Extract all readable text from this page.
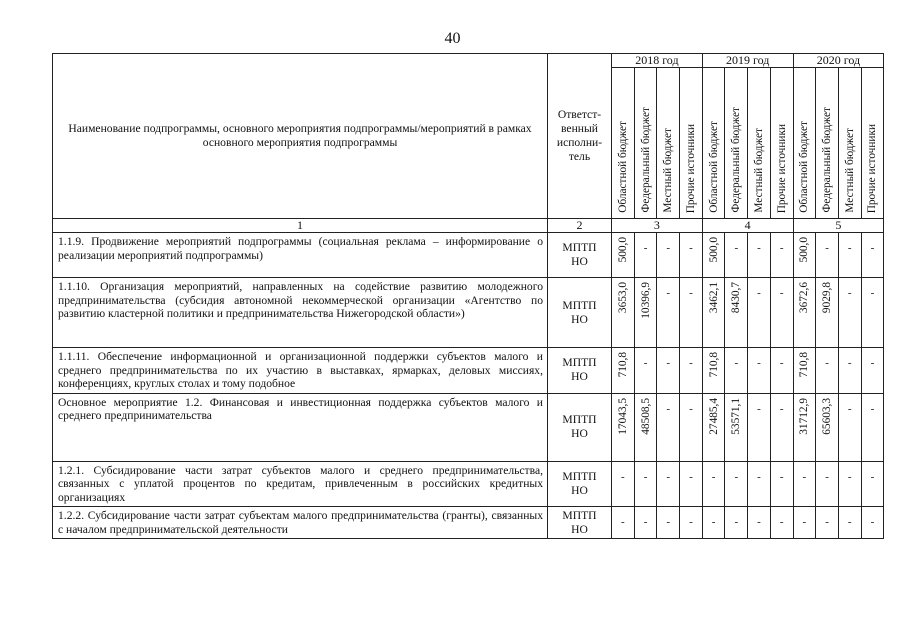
40
Наименование подпрограммы, основного мероприятия подпрограммы/мероприятий в рамках основного мероприятия подпрограммы	Ответст-
венный
исполни-
тель	2018 год				2019 год				2020 год			

		Областной бюджет	Федеральный бюджет	Местный бюджет	Прочие источники	Областной бюджет	Федеральный бюджет	Местный бюджет	Прочие источники	Областной бюджет	Федеральный бюджет	Местный бюджет	Прочие источники

1	2	3				4				5			
1.1.9. Продвижение мероприятий подпрограммы (социальная реклама – информирование о реализации мероприятий подпрограммы)	МПТП
НО	500,0	-	-	-	500,0	-	-	-	500,0	-	-	-

1.1.10. Организация мероприятий, направленных на содействие развитию молодежного предпринимательства (субсидия автономной некоммерческой организации «Агентство по развитию кластерной политики и предпринимательства Нижегородской области»)	МПТП
НО	3653,0	10396,9	-	-	3462,1	8430,7	-	-	3672,6	9029,8	-	-

1.1.11. Обеспечение информационной и организационной поддержки субъектов малого и среднего предпринимательства по их участию в выставках, ярмарках, деловых миссиях, конференциях, круглых столах и тому подобное	МПТП
НО	710,8	-	-	-	710,8	-	-	-	710,8	-	-	-

Основное мероприятие 1.2. Финансовая и инвестиционная поддержка субъектов малого и среднего предпринимательства	МПТП
НО	17043,5	48508,5	-	-	27485,4	53571,1	-	-	31712,9	65603,3	-	-

1.2.1. Субсидирование части затрат субъектов малого и среднего предпринимательства, связанных с уплатой процентов по кредитам, привлеченным в российских кредитных организациях	МПТП
НО	-	-	-	-	-	-	-	-	-	-	-	-

1.2.2. Субсидирование части затрат субъектам малого предпринимательства (гранты), связанных с началом предпринимательской деятельности	МПТП
НО	-	-	-	-	-	-	-	-	-	-	-	-
